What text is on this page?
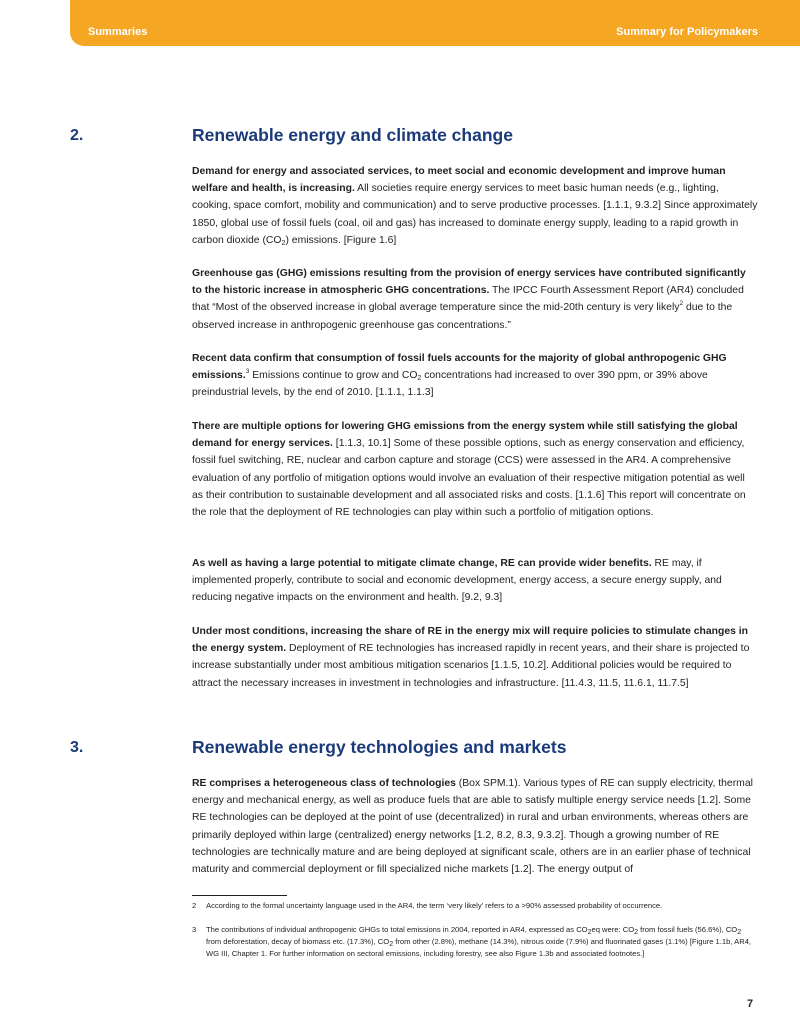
Summaries	Summary for Policymakers
2.	Renewable energy and climate change

Demand for energy and associated services, to meet social and economic development and improve human welfare and health, is increasing. All societies require energy services to meet basic human needs (e.g., lighting, cooking, space comfort, mobility and communication) and to serve productive processes. [1.1.1, 9.3.2] Since approximately 1850, global use of fossil fuels (coal, oil and gas) has increased to dominate energy supply, leading to a rapid growth in carbon dioxide $(CO_2)$ emissions. [Figure 1.6]

Greenhouse gas (GHG) emissions resulting from the provision of energy services have contributed significantly to the historic increase in atmospheric GHG concentrations. The IPCC Fourth Assessment Report (AR4) concluded that “Most of the observed increase in global average temperature since the mid-20th century is very likely$^2$ due to the observed increase in anthropogenic greenhouse gas concentrations.”

Recent data confirm that consumption of fossil fuels accounts for the majority of global anthropogenic GHG emissions.$^3$ Emissions continue to grow and $CO_2$ concentrations had increased to over 390 ppm, or 39% above preindustrial levels, by the end of 2010. [1.1.1, 1.1.3]

There are multiple options for lowering GHG emissions from the energy system while still satisfying the global demand for energy services. [1.1.3, 10.1] Some of these possible options, such as energy conservation and efficiency, fossil fuel switching, RE, nuclear and carbon capture and storage (CCS) were assessed in the AR4. A comprehensive evaluation of any portfolio of mitigation options would involve an evaluation of their respective mitigation potential as well as their contribution to sustainable development and all associated risks and costs. [1.1.6] This report will concentrate on the role that the deployment of RE technologies can play within such a portfolio of mitigation options.

As well as having a large potential to mitigate climate change, RE can provide wider benefits. RE may, if implemented properly, contribute to social and economic development, energy access, a secure energy supply, and reducing negative impacts on the environment and health. [9.2, 9.3]

Under most conditions, increasing the share of RE in the energy mix will require policies to stimulate changes in the energy system. Deployment of RE technologies has increased rapidly in recent years, and their share is projected to increase substantially under most ambitious mitigation scenarios [1.1.5, 10.2]. Additional policies would be required to attract the necessary increases in investment in technologies and infrastructure. [11.4.3, 11.5, 11.6.1, 11.7.5]

3.	Renewable energy technologies and markets

RE comprises a heterogeneous class of technologies (Box SPM.1). Various types of RE can supply electricity, thermal energy and mechanical energy, as well as produce fuels that are able to satisfy multiple energy service needs [1.2]. Some RE technologies can be deployed at the point of use (decentralized) in rural and urban environments, whereas others are primarily deployed within large (centralized) energy networks [1.2, 8.2, 8.3, 9.3.2]. Though a growing number of RE technologies are technically mature and are being deployed at significant scale, others are in an earlier phase of technical maturity and commercial deployment or fill specialized niche markets [1.2]. The energy output of

2 According to the formal uncertainty language used in the AR4, the term ‘very likely’ refers to a >90% assessed probability of occurrence.
3 The contributions of individual anthropogenic GHGs to total emissions in 2004, reported in AR4, expressed as $CO_2eq$ were: $CO_2$ from fossil fuels (56.6%), $CO_2$ from deforestation, decay of biomass etc. (17.3%), $CO_2$ from other (2.8%), methane (14.3%), nitrous oxide (7.9%) and fluorinated gases (1.1%) [Figure 1.1b, AR4, WG III, Chapter 1. For further information on sectoral emissions, including forestry, see also Figure 1.3b and associated footnotes.]
7
